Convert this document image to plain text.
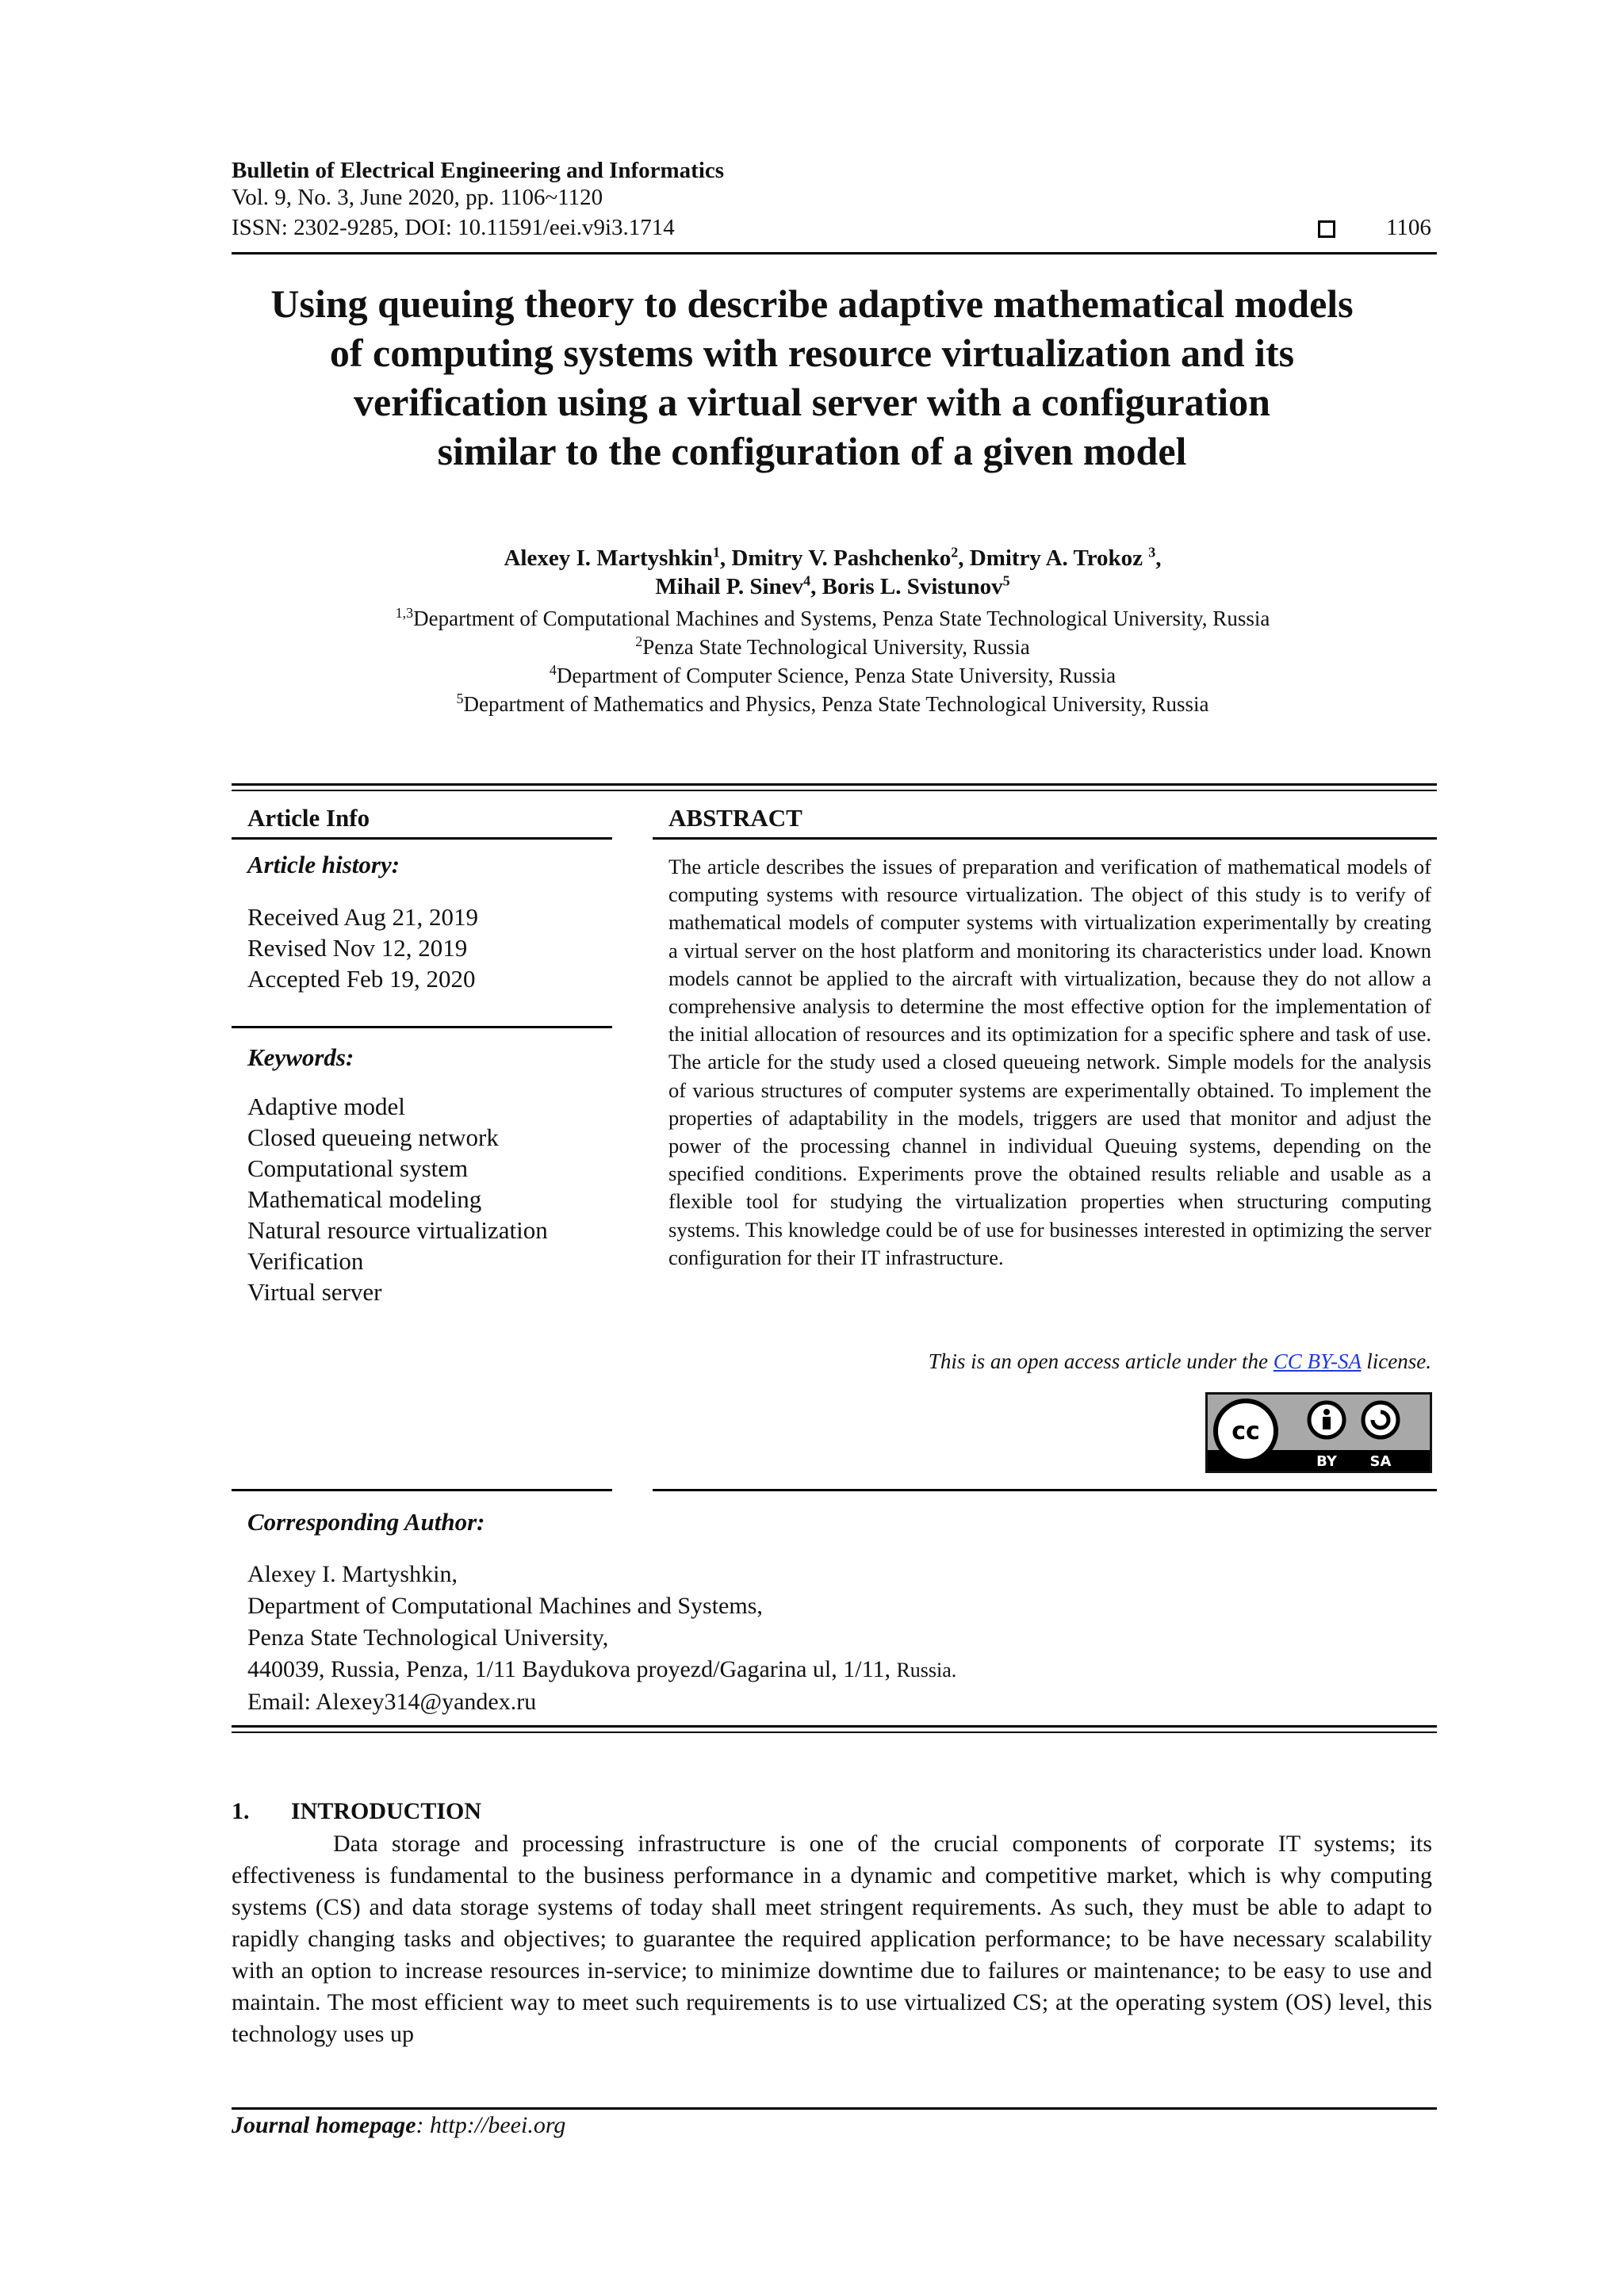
Bulletin of Electrical Engineering and Informatics
Vol. 9, No. 3, June 2020, pp. 1106~1120
ISSN: 2302-9285, DOI: 10.11591/eei.v9i3.1714	1106
Using queuing theory to describe adaptive mathematical models
of computing systems with resource virtualization and its
verification using a virtual server with a configuration
similar to the configuration of a given model
Alexey I. Martyshkin$^1$, Dmitry V. Pashchenko$^2$, Dmitry A. Trokoz $^3$,
Mihail P. Sinev$^4$, Boris L. Svistunov$^5$
$^{1,3}$Department of Computational Machines and Systems, Penza State Technological University, Russia
$^2$Penza State Technological University, Russia
$^4$Department of Computer Science, Penza State University, Russia
$^5$Department of Mathematics and Physics, Penza State Technological University, Russia
Article Info
Article history:
Received Aug 21, 2019
Revised Nov 12, 2019
Accepted Feb 19, 2020
Keywords:
Adaptive model
Closed queueing network
Computational system
Mathematical modeling
Natural resource virtualization
Verification
Virtual server
ABSTRACT
The article describes the issues of preparation and verification of mathematical models of computing systems with resource virtualization. The object of this study is to verify of mathematical models of computer systems with virtualization experimentally by creating a virtual server on the host platform and monitoring its characteristics under load. Known models cannot be applied to the aircraft with virtualization, because they do not allow a comprehensive analysis to determine the most effective option for the implementation of the initial allocation of resources and its optimization for a specific sphere and task of use. The article for the study used a closed queueing network. Simple models for the analysis of various structures of computer systems are experimentally obtained. To implement the properties of adaptability in the models, triggers are used that monitor and adjust the power of the processing channel in individual Queuing systems, depending on the specified conditions. Experiments prove the obtained results reliable and usable as a flexible tool for studying the virtualization properties when structuring computing systems. This knowledge could be of use for businesses interested in optimizing the server configuration for their IT infrastructure.
This is an open access article under the CC BY-SA license.
cc
BY SA
Corresponding Author:
Alexey I. Martyshkin,
Department of Computational Machines and Systems,
Penza State Technological University,
440039, Russia, Penza, 1/11 Baydukova proyezd/Gagarina ul, 1/11, Russia.
Email: Alexey314@yandex.ru
1.       INTRODUCTION

Data storage and processing infrastructure is one of the crucial components of corporate IT systems; its effectiveness is fundamental to the business performance in a dynamic and competitive market, which is why computing systems (CS) and data storage systems of today shall meet stringent requirements. As such, they must be able to adapt to rapidly changing tasks and objectives; to guarantee the required application performance; to be have necessary scalability with an option to increase resources in-service; to minimize downtime due to failures or maintenance; to be easy to use and maintain. The most efficient way to meet such requirements is to use virtualized CS; at the operating system (OS) level, this technology uses up

Journal homepage: http://beei.org
